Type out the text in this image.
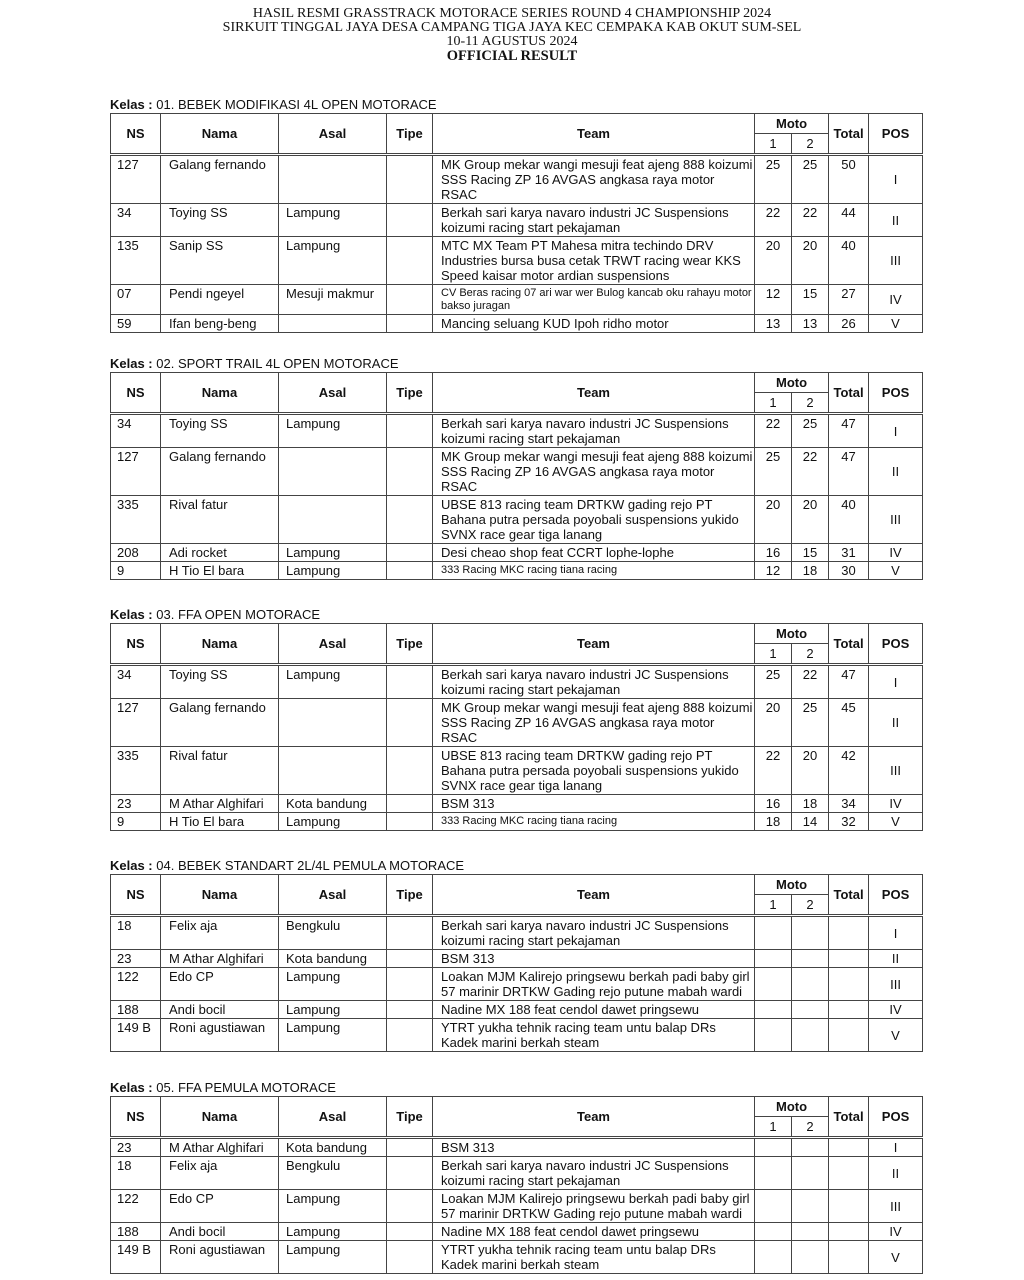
HASIL RESMI GRASSTRACK MOTORACE SERIES ROUND 4 CHAMPIONSHIP 2024
SIRKUIT TINGGAL JAYA DESA CAMPANG TIGA JAYA KEC CEMPAKA KAB OKUT SUM-SEL
10-11 AGUSTUS 2024
OFFICIAL RESULT
Kelas : 01. BEBEK MODIFIKASI 4L OPEN MOTORACE
NS	Nama	Asal	Tipe	Team	Moto		Total	POS
					1	2		
127	Galang fernando			MK Group mekar wangi mesuji feat ajeng 888 koizumi SSS Racing ZP 16 AVGAS angkasa raya motor RSAC	25	25	50	I
34	Toying SS	Lampung		Berkah sari karya navaro industri JC Suspensions koizumi racing start pekajaman	22	22	44	II
135	Sanip SS	Lampung		MTC MX Team PT Mahesa mitra techindo DRV Industries bursa busa cetak TRWT racing wear KKS Speed kaisar motor ardian suspensions	20	20	40	III
07	Pendi ngeyel	Mesuji makmur		CV Beras racing 07 ari war wer Bulog kancab oku rahayu motor bakso juragan	12	15	27	IV
59	Ifan beng-beng			Mancing seluang KUD Ipoh ridho motor	13	13	26	V
Kelas : 02. SPORT TRAIL 4L OPEN MOTORACE
NS	Nama	Asal	Tipe	Team	Moto		Total	POS
					1	2		
34	Toying SS	Lampung		Berkah sari karya navaro industri JC Suspensions koizumi racing start pekajaman	22	25	47	I
127	Galang fernando			MK Group mekar wangi mesuji feat ajeng 888 koizumi SSS Racing ZP 16 AVGAS angkasa raya motor RSAC	25	22	47	II
335	Rival fatur			UBSE 813 racing team DRTKW gading rejo PT Bahana putra persada poyobali suspensions yukido SVNX race gear tiga lanang	20	20	40	III
208	Adi rocket	Lampung		Desi cheao shop feat CCRT lophe-lophe	16	15	31	IV
9	H Tio El bara	Lampung		333 Racing MKC racing tiana racing	12	18	30	V
Kelas : 03. FFA OPEN MOTORACE
NS	Nama	Asal	Tipe	Team	Moto		Total	POS
					1	2		
34	Toying SS	Lampung		Berkah sari karya navaro industri JC Suspensions koizumi racing start pekajaman	25	22	47	I
127	Galang fernando			MK Group mekar wangi mesuji feat ajeng 888 koizumi SSS Racing ZP 16 AVGAS angkasa raya motor RSAC	20	25	45	II
335	Rival fatur			UBSE 813 racing team DRTKW gading rejo PT Bahana putra persada poyobali suspensions yukido SVNX race gear tiga lanang	22	20	42	III
23	M Athar Alghifari	Kota bandung		BSM 313	16	18	34	IV
9	H Tio El bara	Lampung		333 Racing MKC racing tiana racing	18	14	32	V
Kelas : 04. BEBEK STANDART 2L/4L PEMULA MOTORACE
NS	Nama	Asal	Tipe	Team	Moto		Total	POS
					1	2		
18	Felix aja	Bengkulu		Berkah sari karya navaro industri JC Suspensions koizumi racing start pekajaman				I
23	M Athar Alghifari	Kota bandung		BSM 313				II
122	Edo CP	Lampung		Loakan MJM Kalirejo pringsewu berkah padi baby girl 57 marinir DRTKW Gading rejo putune mabah wardi				III
188	Andi bocil	Lampung		Nadine MX 188 feat cendol dawet pringsewu				IV
149 B	Roni agustiawan	Lampung		YTRT yukha tehnik racing team untu balap DRs Kadek marini berkah steam				V
Kelas : 05. FFA PEMULA MOTORACE
NS	Nama	Asal	Tipe	Team	Moto		Total	POS
					1	2		
23	M Athar Alghifari	Kota bandung		BSM 313				I
18	Felix aja	Bengkulu		Berkah sari karya navaro industri JC Suspensions koizumi racing start pekajaman				II
122	Edo CP	Lampung		Loakan MJM Kalirejo pringsewu berkah padi baby girl 57 marinir DRTKW Gading rejo putune mabah wardi				III
188	Andi bocil	Lampung		Nadine MX 188 feat cendol dawet pringsewu				IV
149 B	Roni agustiawan	Lampung		YTRT yukha tehnik racing team untu balap DRs Kadek marini berkah steam				V
